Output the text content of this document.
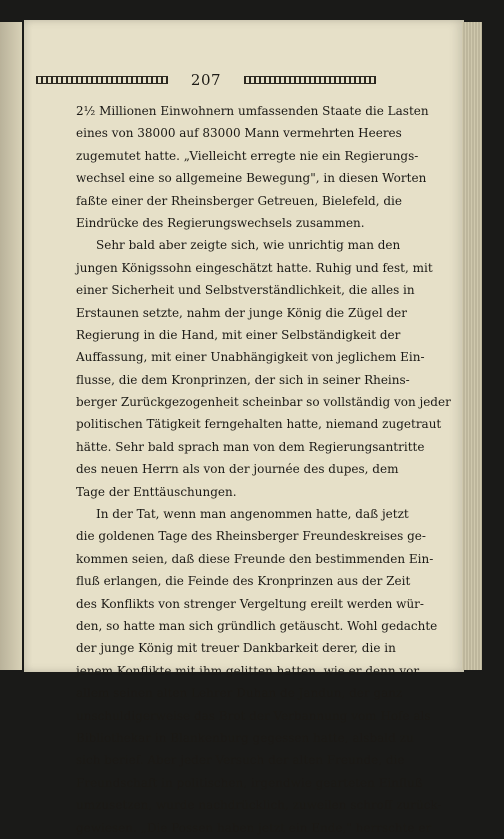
207
2½ Millionen Einwohnern umfassenden Staate die Lasten
eines von 38000 auf 83000 Mann vermehrten Heeres
zugemutet hatte. „Vielleicht erregte nie ein Regierungs-
wechsel eine so allgemeine Bewegung", in diesen Worten
faßte einer der Rheinsberger Getreuen, Bielefeld, die
Eindrücke des Regierungswechsels zusammen.
Sehr bald aber zeigte sich, wie unrichtig man den
jungen Königssohn eingeschätzt hatte. Ruhig und fest, mit
einer Sicherheit und Selbstverständlichkeit, die alles in
Erstaunen setzte, nahm der junge König die Zügel der
Regierung in die Hand, mit einer Selbständigkeit der
Auffassung, mit einer Unabhängigkeit von jeglichem Ein-
flusse, die dem Kronprinzen, der sich in seiner Rheins-
berger Zurückgezogenheit scheinbar so vollständig von jeder
politischen Tätigkeit ferngehalten hatte, niemand zugetraut
hätte. Sehr bald sprach man von dem Regierungsantritte
des neuen Herrn als von der journée des dupes, dem
Tage der Enttäuschungen.
In der Tat, wenn man angenommen hatte, daß jetzt
die goldenen Tage des Rheinsberger Freundeskreises ge-
kommen seien, daß diese Freunde den bestimmenden Ein-
fluß erlangen, die Feinde des Kronprinzen aus der Zeit
des Konflikts von strenger Vergeltung ereilt werden wür-
den, so hatte man sich gründlich getäuscht. Wohl gedachte
der junge König mit treuer Dankbarkeit derer, die in
jenem Konflikte mit ihm gelitten hatten, wie er denn vor
allem seinen alten Lehrer Duhan de Jandun, der ganz
unschuldigerweise das Brot der Verbannung vom Hofe als
Bibliothekar in Blankenburg gegessen hatte, alsbald zu
sich berief. Aber jeder Versuch der alten Freunde, die
Freundschaft in politischen, irgendwie gearteten Einfluß
umzusetzen, wurde nachdrücklich, zuweilen schroff zurück-
gewiesen. „Die Possen haben jetzt ein Ende," herrschte er
